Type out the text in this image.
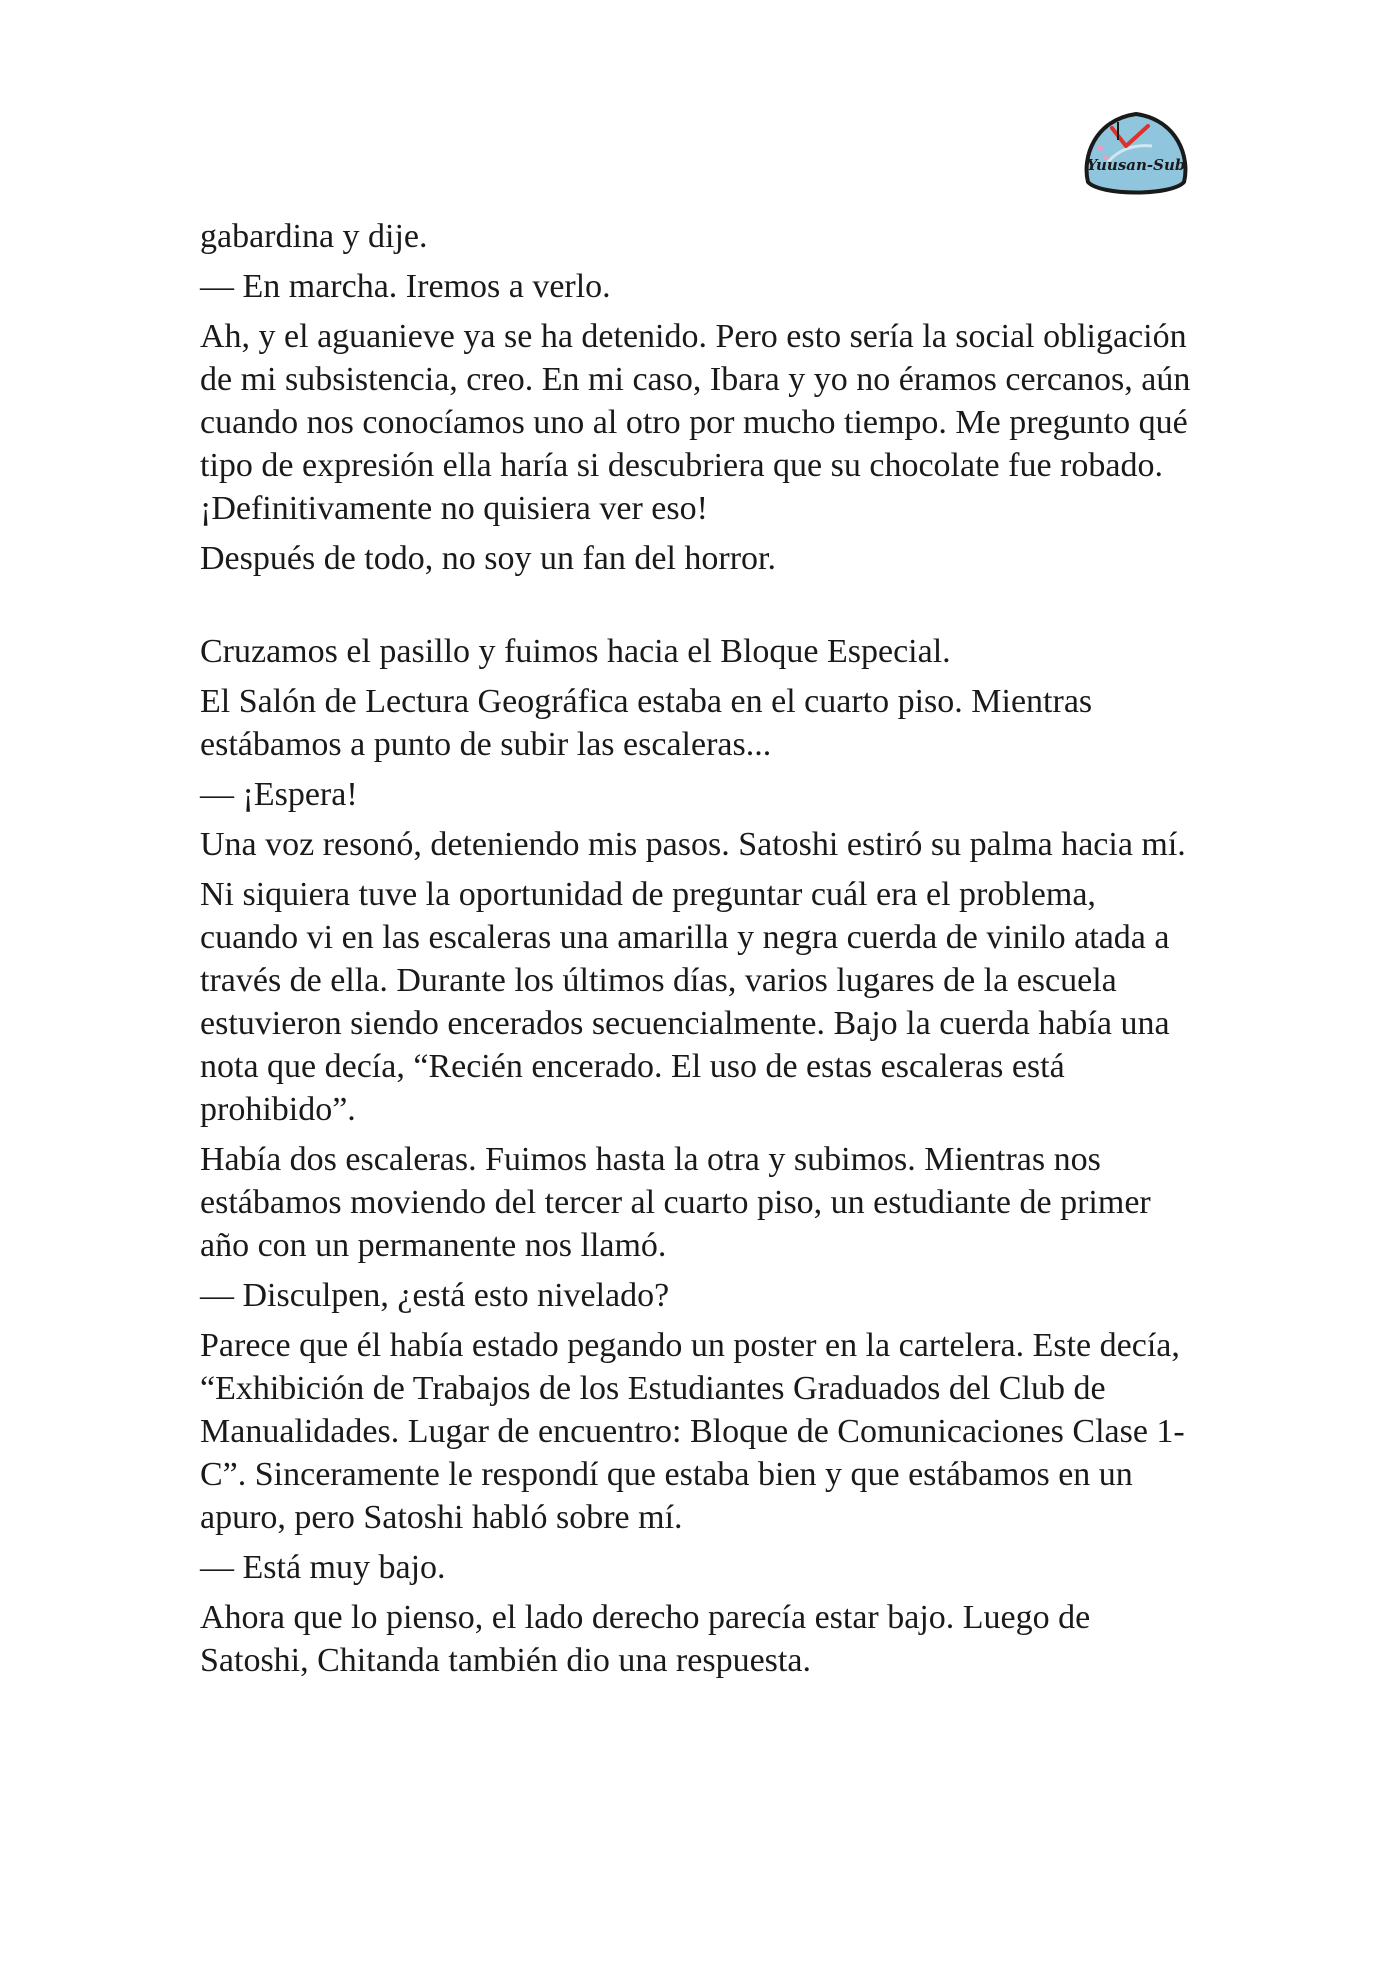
Yuusan-Sub

gabardina y dije.

— En marcha. Iremos a verlo.

Ah, y el aguanieve ya se ha detenido. Pero esto sería la social obligación de mi subsistencia, creo. En mi caso, Ibara y yo no éramos cercanos, aún cuando nos conocíamos uno al otro por mucho tiempo. Me pregunto qué tipo de expresión ella haría si descubriera que su chocolate fue robado. ¡Definitivamente no quisiera ver eso!

Después de todo, no soy un fan del horror.

Cruzamos el pasillo y fuimos hacia el Bloque Especial.

El Salón de Lectura Geográfica estaba en el cuarto piso. Mientras estábamos a punto de subir las escaleras...

— ¡Espera!

Una voz resonó, deteniendo mis pasos. Satoshi estiró su palma hacia mí.

Ni siquiera tuve la oportunidad de preguntar cuál era el problema, cuando vi en las escaleras una amarilla y negra cuerda de vinilo atada a través de ella. Durante los últimos días, varios lugares de la escuela estuvieron siendo encerados secuencialmente. Bajo la cuerda había una nota que decía, “Recién encerado. El uso de estas escaleras está prohibido”.

Había dos escaleras. Fuimos hasta la otra y subimos. Mientras nos estábamos moviendo del tercer al cuarto piso, un estudiante de primer año con un permanente nos llamó.

— Disculpen, ¿está esto nivelado?

Parece que él había estado pegando un poster en la cartelera. Este decía, “Exhibición de Trabajos de los Estudiantes Graduados del Club de Manualidades. Lugar de encuentro: Bloque de Comunicaciones Clase 1-C”. Sinceramente le respondí que estaba bien y que estábamos en un apuro, pero Satoshi habló sobre mí.

— Está muy bajo.

Ahora que lo pienso, el lado derecho parecía estar bajo. Luego de Satoshi, Chitanda también dio una respuesta.
